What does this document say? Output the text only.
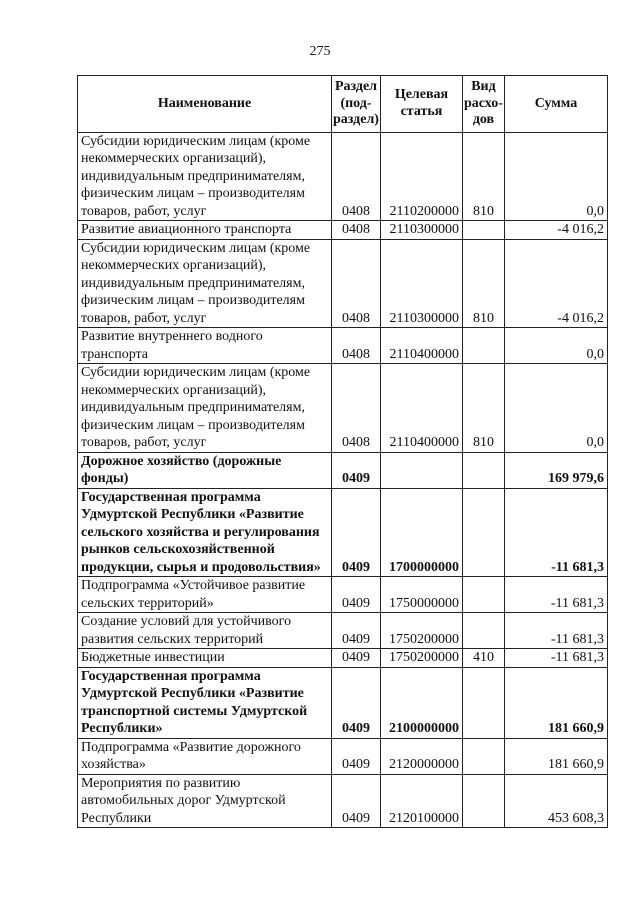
275
Наименование	Раздел (под-раздел)	Целевая статья	Вид расхо-дов	Сумма
Субсидии юридическим лицам (кроме некоммерческих организаций), индивидуальным предпринимателям, физическим лицам – производителям товаров, работ, услуг	0408	2110200000	810	0,0
Развитие авиационного транспорта	0408	2110300000		-4 016,2
Субсидии юридическим лицам (кроме некоммерческих организаций), индивидуальным предпринимателям, физическим лицам – производителям товаров, работ, услуг	0408	2110300000	810	-4 016,2
Развитие внутреннего водного транспорта	0408	2110400000		0,0
Субсидии юридическим лицам (кроме некоммерческих организаций), индивидуальным предпринимателям, физическим лицам – производителям товаров, работ, услуг	0408	2110400000	810	0,0
Дорожное хозяйство (дорожные фонды)	0409			169 979,6
Государственная программа Удмуртской Республики «Развитие сельского хозяйства и регулирования рынков сельскохозяйственной продукции, сырья и продовольствия»	0409	1700000000		-11 681,3
Подпрограмма «Устойчивое развитие сельских территорий»	0409	1750000000		-11 681,3
Создание условий для устойчивого развития сельских территорий	0409	1750200000		-11 681,3
Бюджетные инвестиции	0409	1750200000	410	-11 681,3
Государственная программа Удмуртской Республики «Развитие транспортной системы Удмуртской Республики»	0409	2100000000		181 660,9
Подпрограмма «Развитие дорожного хозяйства»	0409	2120000000		181 660,9
Мероприятия по развитию автомобильных дорог Удмуртской Республики	0409	2120100000		453 608,3
